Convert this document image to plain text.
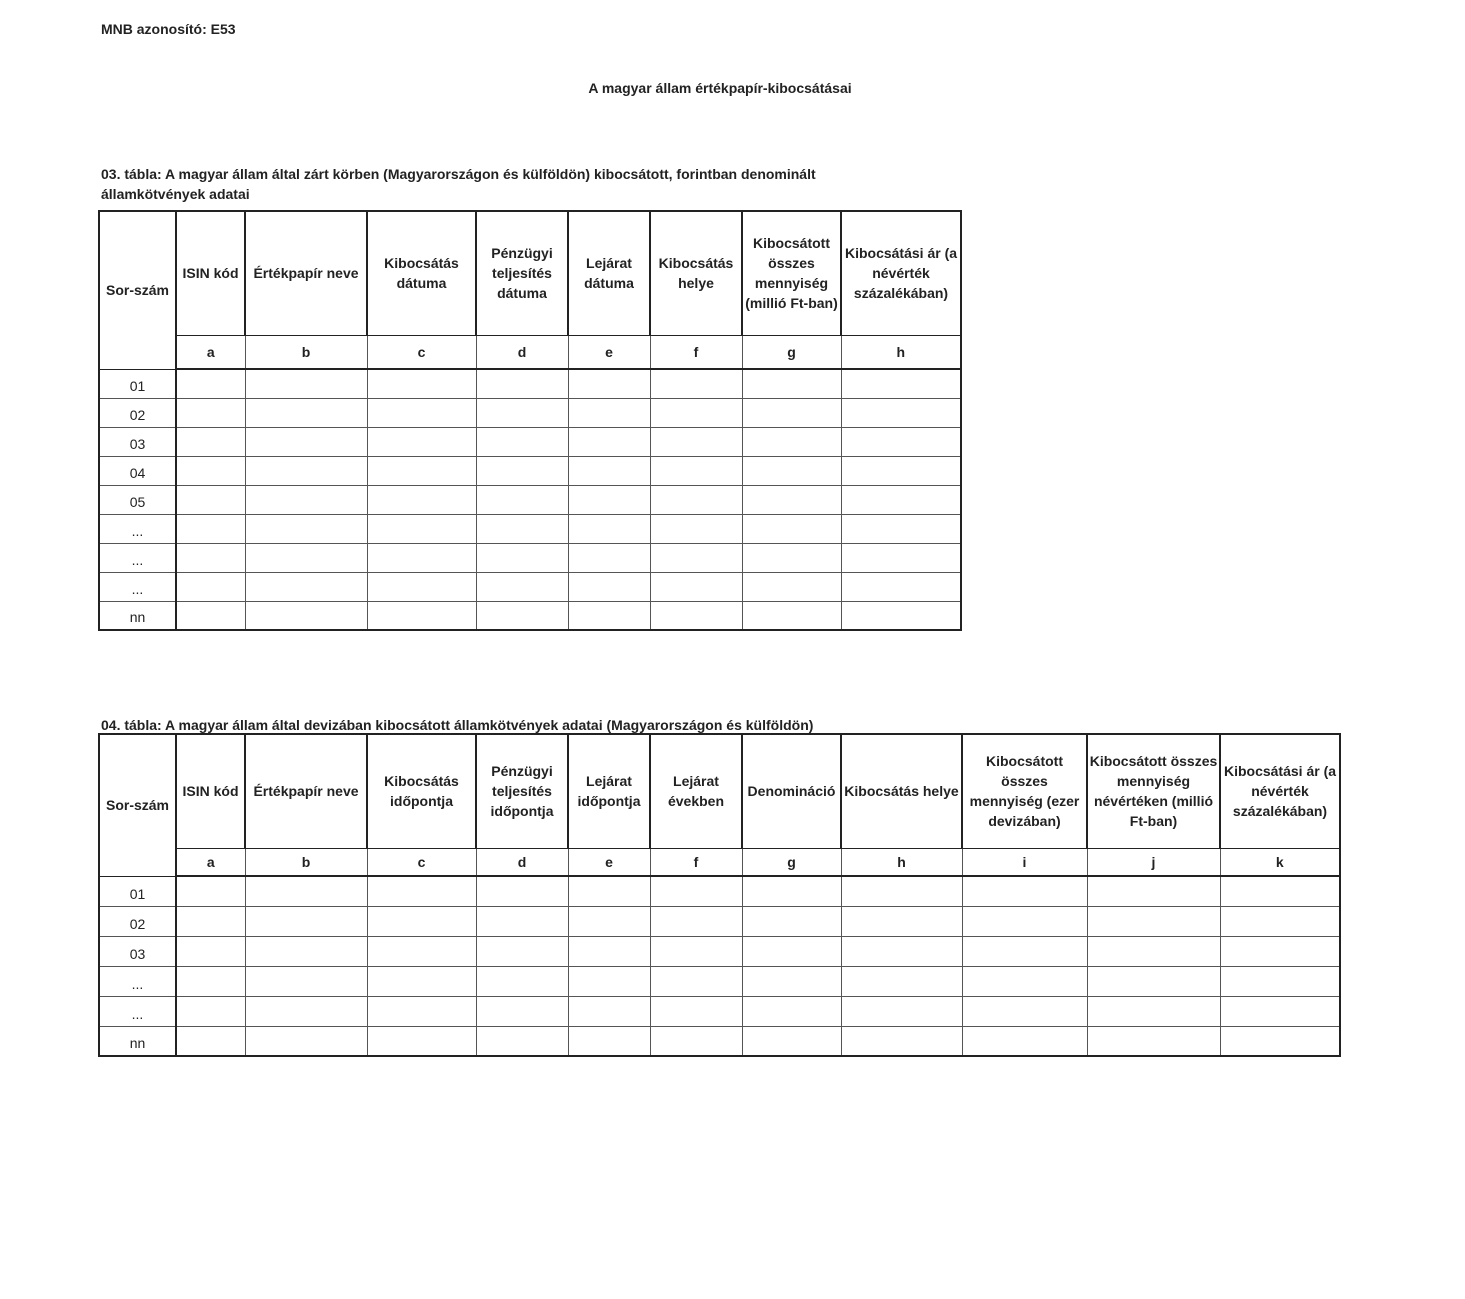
MNB azonosító: E53
A magyar állam értékpapír-kibocsátásai
03. tábla: A magyar állam által zárt körben (Magyarországon és külföldön) kibocsátott, forintban denominált államkötvények adatai
Sor-szám	ISIN kód	Értékpapír neve	Kibocsátás dátuma	Pénzügyi teljesítés dátuma	Lejárat dátuma	Kibocsátás helye	Kibocsátott összes mennyiség (millió Ft-ban)	Kibocsátási ár (a névérték százalékában)
	a	b	c	d	e	f	g	h
01								
02								
03								
04								
05								
...								
...								
...								
nn								
04. tábla: A magyar állam által devizában kibocsátott államkötvények adatai (Magyarországon és külföldön)
Sor-szám	ISIN kód	Értékpapír neve	Kibocsátás időpontja	Pénzügyi teljesítés időpontja	Lejárat időpontja	Lejárat években	Denomináció	Kibocsátás helye	Kibocsátott összes mennyiség (ezer devizában)	Kibocsátott összes mennyiség névértéken (millió Ft-ban)	Kibocsátási ár (a névérték százalékában)
	a	b	c	d	e	f	g	h	i	j	k
01											
02											
03											
...											
...											
nn											
